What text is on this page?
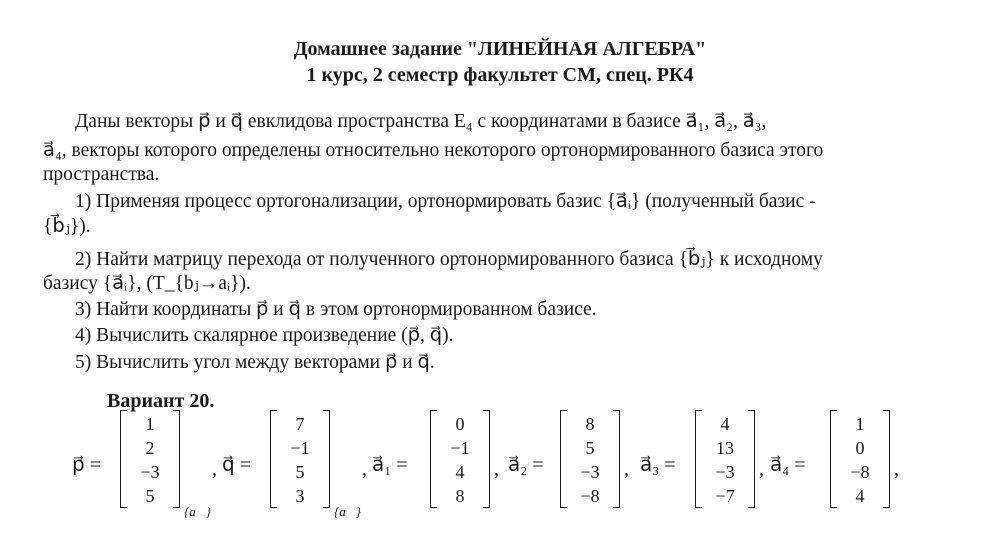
Домашнее задание "ЛИНЕЙНАЯ АЛГЕБРА"
1 курс, 2 семестр факультет СМ, спец. РК4
Даны векторы p⃗ и q⃗ евклидова пространства E₄ с координатами в базисе a⃗₁, a⃗₂, a⃗₃,
a⃗₄, векторы которого определены относительно некоторого ортонормированного базиса этого
пространства.
1) Применяя процесс ортогонализации, ортонормировать базис {a⃗ᵢ} (полученный базис -
{b⃗ⱼ}).
2) Найти матрицу перехода от полученного ортонормированного базиса {b⃗ⱼ} к исходному
базису {a⃗ᵢ}, (T_{bⱼ→aᵢ}).
3) Найти координаты p⃗ и q⃗ в этом ортонормированном базисе.
4) Вычислить скалярное произведение (p⃗, q⃗).
5) Вычислить угол между векторами p⃗ и q⃗.
Вариант 20.
p⃗ =
1
2
−3
5
{a⃗}
, q⃗ =
7
−1
5
3
{a⃗}
, a⃗₁ =
0
−1
4
8
, a⃗₂ =
8
5
−3
−8
, a⃗₃ =
4
13
−3
−7
, a⃗₄ =
1
0
−8
4
,
